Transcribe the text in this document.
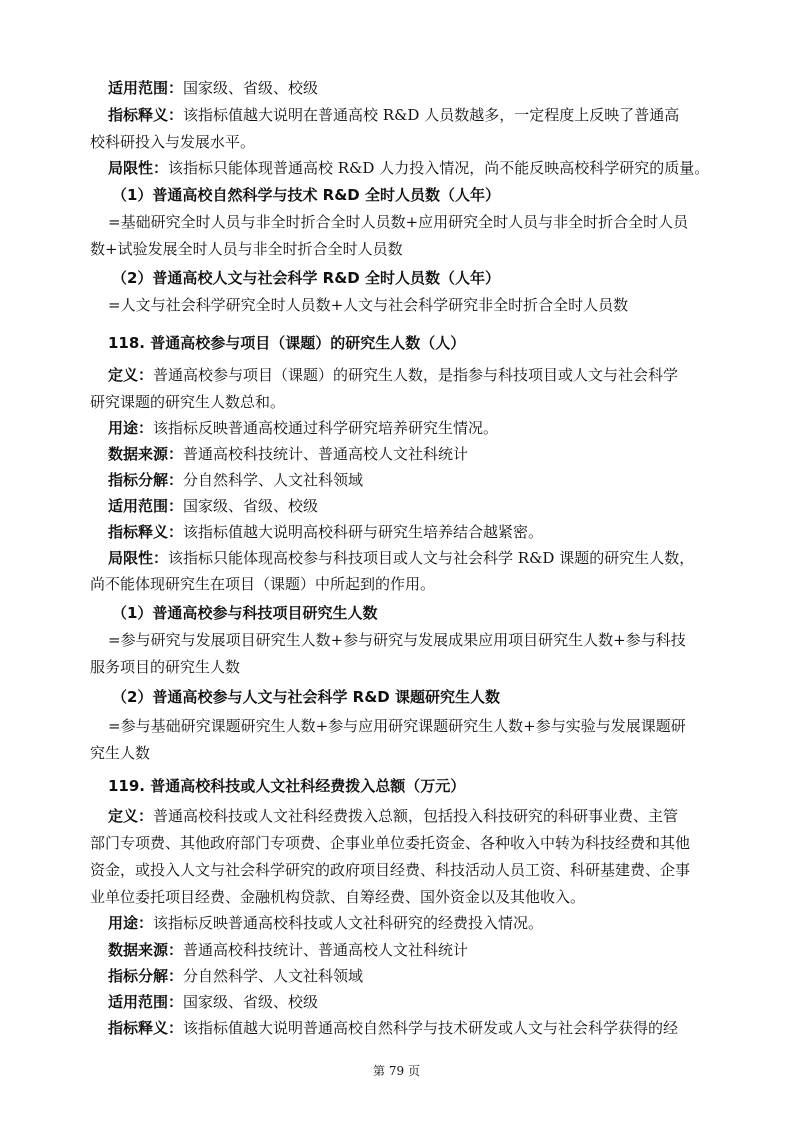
适用范围：国家级、省级、校级
指标释义：该指标值越大说明在普通高校 R&D 人员数越多，一定程度上反映了普通高
校科研投入与发展水平。
局限性：该指标只能体现普通高校 R&D 人力投入情况，尚不能反映高校科学研究的质量。
（1）普通高校自然科学与技术 R&D 全时人员数（人年）
=基础研究全时人员与非全时折合全时人员数+应用研究全时人员与非全时折合全时人员
数+试验发展全时人员与非全时折合全时人员数
（2）普通高校人文与社会科学 R&D 全时人员数（人年）
=人文与社会科学研究全时人员数+人文与社会科学研究非全时折合全时人员数
118. 普通高校参与项目（课题）的研究生人数（人）
定义：普通高校参与项目（课题）的研究生人数，是指参与科技项目或人文与社会科学
研究课题的研究生人数总和。
用途：该指标反映普通高校通过科学研究培养研究生情况。
数据来源：普通高校科技统计、普通高校人文社科统计
指标分解：分自然科学、人文社科领域
适用范围：国家级、省级、校级
指标释义：该指标值越大说明高校科研与研究生培养结合越紧密。
局限性：该指标只能体现高校参与科技项目或人文与社会科学 R&D 课题的研究生人数，
尚不能体现研究生在项目（课题）中所起到的作用。
（1）普通高校参与科技项目研究生人数
=参与研究与发展项目研究生人数+参与研究与发展成果应用项目研究生人数+参与科技
服务项目的研究生人数
（2）普通高校参与人文与社会科学 R&D 课题研究生人数
=参与基础研究课题研究生人数+参与应用研究课题研究生人数+参与实验与发展课题研
究生人数
119. 普通高校科技或人文社科经费拨入总额（万元）
定义：普通高校科技或人文社科经费拨入总额，包括投入科技研究的科研事业费、主管
部门专项费、其他政府部门专项费、企事业单位委托资金、各种收入中转为科技经费和其他
资金，或投入人文与社会科学研究的政府项目经费、科技活动人员工资、科研基建费、企事
业单位委托项目经费、金融机构贷款、自筹经费、国外资金以及其他收入。
用途：该指标反映普通高校科技或人文社科研究的经费投入情况。
数据来源：普通高校科技统计、普通高校人文社科统计
指标分解：分自然科学、人文社科领域
适用范围：国家级、省级、校级
指标释义：该指标值越大说明普通高校自然科学与技术研发或人文与社会科学获得的经
第 79 页
